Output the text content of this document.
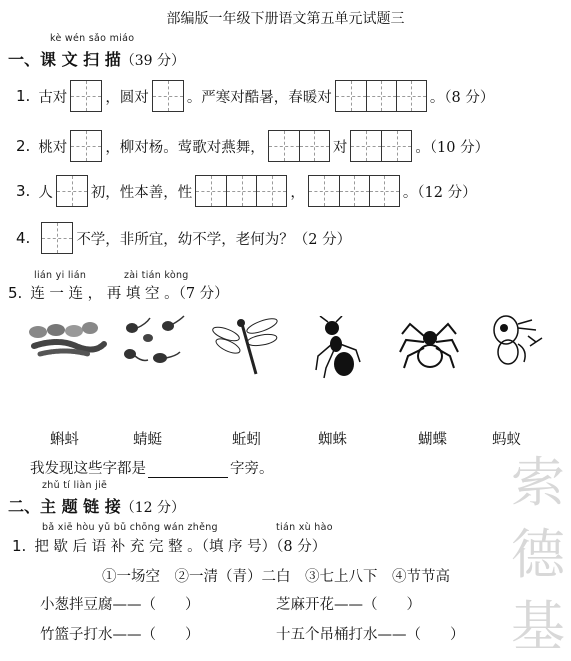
部编版一年级下册语文第五单元试题三
kè wén sǎo miáo
一、课 文 扫 描（39 分）
1. 古对	，圆对	。严寒对酷暑，春暖对	。（8 分）
2. 桃对	，柳对杨。莺歌对燕舞，	对	。（10 分）
3. 人	初，性本善，性	，	。（12 分）
4.	不学，非所宜，幼不学，老何为？（2 分）
lián yi lián	zài tián kòng
5. 连 一 连 ， 再 填 空 。（7 分）
蝌蚪	蜻蜓	蚯蚓	蜘蛛	蝴蝶	蚂蚁
我发现这些字都是	字旁。
zhǔ tí liàn jiē
二、主 题 链 接（12 分）
bǎ xiē hòu yǔ bǔ chōng wán zhěng	tián xù hào
1. 把 歇 后 语 补 充 完 整 。（ 填 序 号 ）（8 分）
①一场空　②一清（青）二白　③七上八下　④节节高
小葱拌豆腐——（　　）	芝麻开花——（　　）
竹篮子打水——（　　）	十五个吊桶打水——（　　）
索
德
基
